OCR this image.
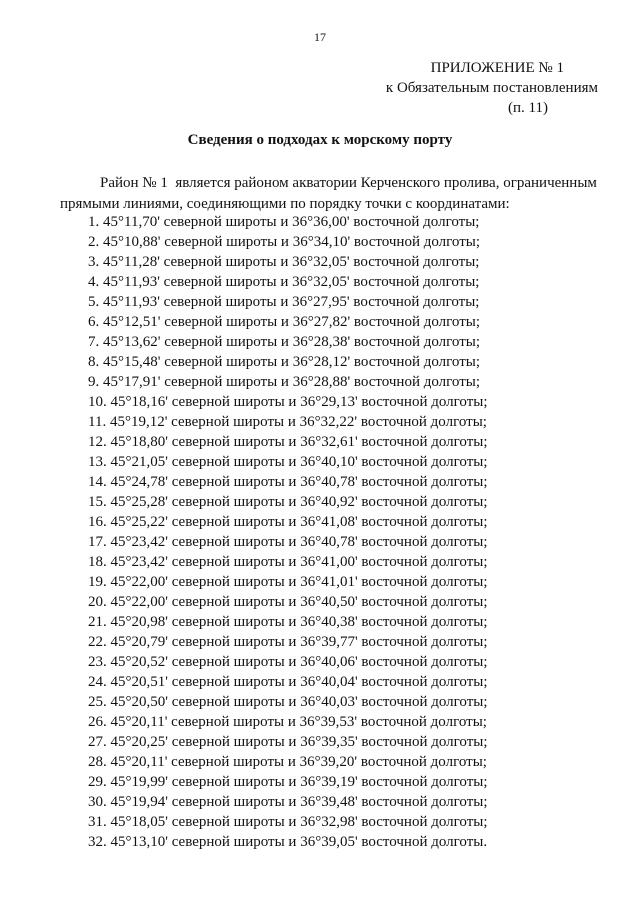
17
ПРИЛОЖЕНИЕ № 1
к Обязательным постановлениям
(п. 11)
Сведения о подходах к морскому порту
Район № 1  является районом акватории Керченского пролива, ограниченным
прямыми линиями, соединяющими по порядку точки с координатами:
1. 45°11,70' северной широты и 36°36,00' восточной долготы;
2. 45°10,88' северной широты и 36°34,10' восточной долготы;
3. 45°11,28' северной широты и 36°32,05' восточной долготы;
4. 45°11,93' северной широты и 36°32,05' восточной долготы;
5. 45°11,93' северной широты и 36°27,95' восточной долготы;
6. 45°12,51' северной широты и 36°27,82' восточной долготы;
7. 45°13,62' северной широты и 36°28,38' восточной долготы;
8. 45°15,48' северной широты и 36°28,12' восточной долготы;
9. 45°17,91' северной широты и 36°28,88' восточной долготы;
10. 45°18,16' северной широты и 36°29,13' восточной долготы;
11. 45°19,12' северной широты и 36°32,22' восточной долготы;
12. 45°18,80' северной широты и 36°32,61' восточной долготы;
13. 45°21,05' северной широты и 36°40,10' восточной долготы;
14. 45°24,78' северной широты и 36°40,78' восточной долготы;
15. 45°25,28' северной широты и 36°40,92' восточной долготы;
16. 45°25,22' северной широты и 36°41,08' восточной долготы;
17. 45°23,42' северной широты и 36°40,78' восточной долготы;
18. 45°23,42' северной широты и 36°41,00' восточной долготы;
19. 45°22,00' северной широты и 36°41,01' восточной долготы;
20. 45°22,00' северной широты и 36°40,50' восточной долготы;
21. 45°20,98' северной широты и 36°40,38' восточной долготы;
22. 45°20,79' северной широты и 36°39,77' восточной долготы;
23. 45°20,52' северной широты и 36°40,06' восточной долготы;
24. 45°20,51' северной широты и 36°40,04' восточной долготы;
25. 45°20,50' северной широты и 36°40,03' восточной долготы;
26. 45°20,11' северной широты и 36°39,53' восточной долготы;
27. 45°20,25' северной широты и 36°39,35' восточной долготы;
28. 45°20,11' северной широты и 36°39,20' восточной долготы;
29. 45°19,99' северной широты и 36°39,19' восточной долготы;
30. 45°19,94' северной широты и 36°39,48' восточной долготы;
31. 45°18,05' северной широты и 36°32,98' восточной долготы;
32. 45°13,10' северной широты и 36°39,05' восточной долготы.
